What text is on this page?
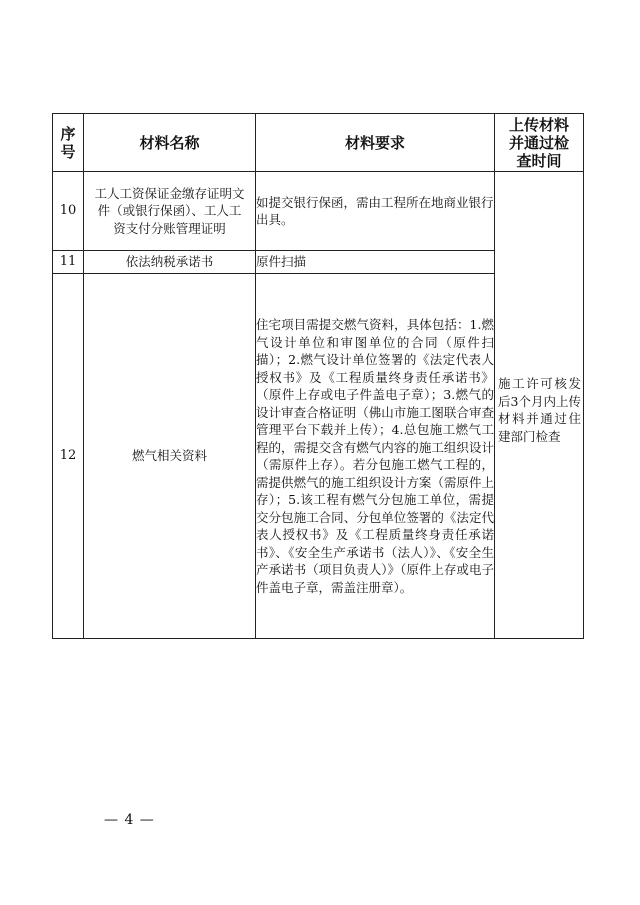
序号	材料名称	材料要求	上传材料并通过检查时间

10	工人工资保证金缴存证明文件（或银行保函）、工人工资支付分账管理证明	如提交银行保函，需由工程所在地商业银行出具。	施工许可核发后3个月内上传材料并通过住建部门检查

11	依法纳税承诺书	原件扫描	
12	燃气相关资料	住宅项目需提交燃气资料，具体包括：1.燃气设计单位和审图单位的合同（原件扫描）；2.燃气设计单位签署的《法定代表人授权书》及《工程质量终身责任承诺书》（原件上存或电子件盖电子章）；3.燃气的设计审查合格证明（佛山市施工图联合审查管理平台下载并上传）；4.总包施工燃气工程的，需提交含有燃气内容的施工组织设计（需原件上存）。若分包施工燃气工程的，需提供燃气的施工组织设计方案（需原件上存）；5.该工程有燃气分包施工单位，需提交分包施工合同、分包单位签署的《法定代表人授权书》及《工程质量终身责任承诺书》、《安全生产承诺书（法人）》、《安全生产承诺书（项目负责人）》（原件上存或电子件盖电子章，需盖注册章）。	
— 4 —
